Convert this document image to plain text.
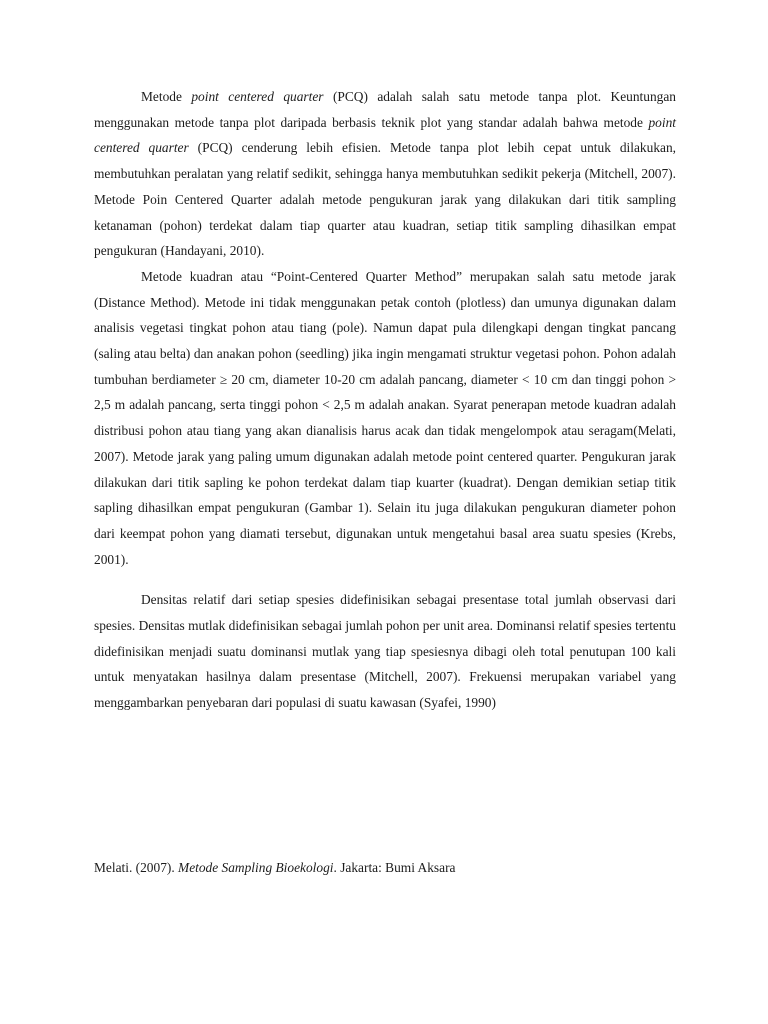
Metode point centered quarter (PCQ) adalah salah satu metode tanpa plot. Keuntungan menggunakan metode tanpa plot daripada berbasis teknik plot yang standar adalah bahwa metode point centered quarter (PCQ) cenderung lebih efisien. Metode tanpa plot lebih cepat untuk dilakukan, membutuhkan peralatan yang relatif sedikit, sehingga hanya membutuhkan sedikit pekerja (Mitchell, 2007). Metode Poin Centered Quarter adalah metode pengukuran jarak yang dilakukan dari titik sampling ketanaman (pohon) terdekat dalam tiap quarter atau kuadran, setiap titik sampling dihasilkan empat pengukuran (Handayani, 2010).

Metode kuadran atau “Point-Centered Quarter Method” merupakan salah satu metode jarak (Distance Method). Metode ini tidak menggunakan petak contoh (plotless) dan umunya digunakan dalam analisis vegetasi tingkat pohon atau tiang (pole). Namun dapat pula dilengkapi dengan tingkat pancang (saling atau belta) dan anakan pohon (seedling) jika ingin mengamati struktur vegetasi pohon. Pohon adalah tumbuhan berdiameter ≥ 20 cm, diameter 10-20 cm adalah pancang, diameter < 10 cm dan tinggi pohon > 2,5 m adalah pancang, serta tinggi pohon < 2,5 m adalah anakan. Syarat penerapan metode kuadran adalah distribusi pohon atau tiang yang akan dianalisis harus acak dan tidak mengelompok atau seragam(Melati, 2007). Metode jarak yang paling umum digunakan adalah metode point centered quarter. Pengukuran jarak dilakukan dari titik sapling ke pohon terdekat dalam tiap kuarter (kuadrat). Dengan demikian setiap titik sapling dihasilkan empat pengukuran (Gambar 1). Selain itu juga dilakukan pengukuran diameter pohon dari keempat pohon yang diamati tersebut, digunakan untuk mengetahui basal area suatu spesies (Krebs, 2001).

Densitas relatif dari setiap spesies didefinisikan sebagai presentase total jumlah observasi dari spesies. Densitas mutlak didefinisikan sebagai jumlah pohon per unit area. Dominansi relatif spesies tertentu didefinisikan menjadi suatu dominansi mutlak yang tiap spesiesnya dibagi oleh total penutupan 100 kali untuk menyatakan hasilnya dalam presentase (Mitchell, 2007). Frekuensi merupakan variabel yang menggambarkan penyebaran dari populasi di suatu kawasan (Syafei, 1990)

Melati. (2007). Metode Sampling Bioekologi. Jakarta: Bumi Aksara
